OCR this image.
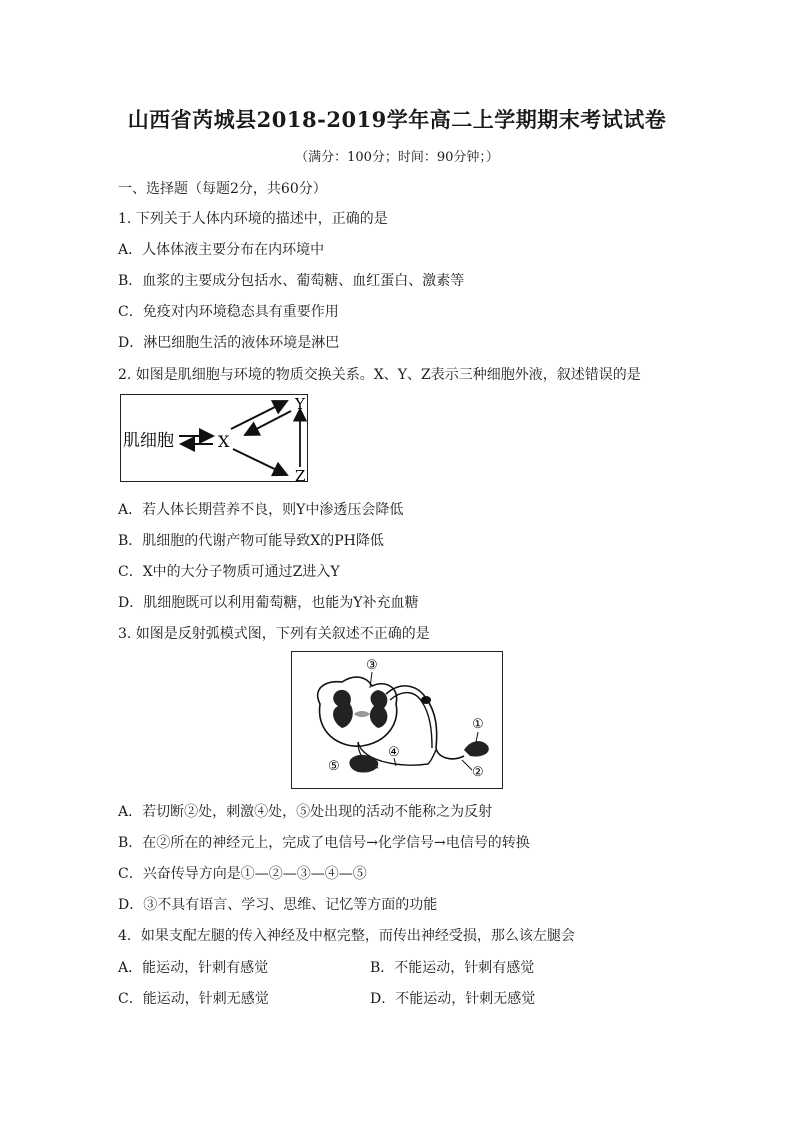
山西省芮城县2018-2019学年高二上学期期末考试试卷
（满分：100分；时间：90分钟；）
一、选择题（每题2分，共60分）
1. 下列关于人体内环境的描述中，正确的是
A．人体体液主要分布在内环境中
B．血浆的主要成分包括水、葡萄糖、血红蛋白、激素等
C．免疫对内环境稳态具有重要作用
D．淋巴细胞生活的液体环境是淋巴
2. 如图是肌细胞与环境的物质交换关系。X、Y、Z表示三种细胞外液，叙述错误的是
肌细胞	X
Y
Z
A．若人体长期营养不良，则Y中渗透压会降低
B．肌细胞的代谢产物可能导致X的PH降低
C．X中的大分子物质可通过Z进入Y
D．肌细胞既可以利用葡萄糖，也能为Y补充血糖
3. 如图是反射弧模式图，下列有关叙述不正确的是
③
①
②
④
⑤
A．若切断②处，刺激④处，⑤处出现的活动不能称之为反射
B．在②所在的神经元上，完成了电信号→化学信号→电信号的转换
C．兴奋传导方向是①—②—③—④—⑤
D．③不具有语言、学习、思维、记忆等方面的功能
4．如果支配左腿的传入神经及中枢完整，而传出神经受损，那么该左腿会
A．能运动，针刺有感觉	B．不能运动，针刺有感觉
C．能运动，针刺无感觉	D．不能运动，针刺无感觉
